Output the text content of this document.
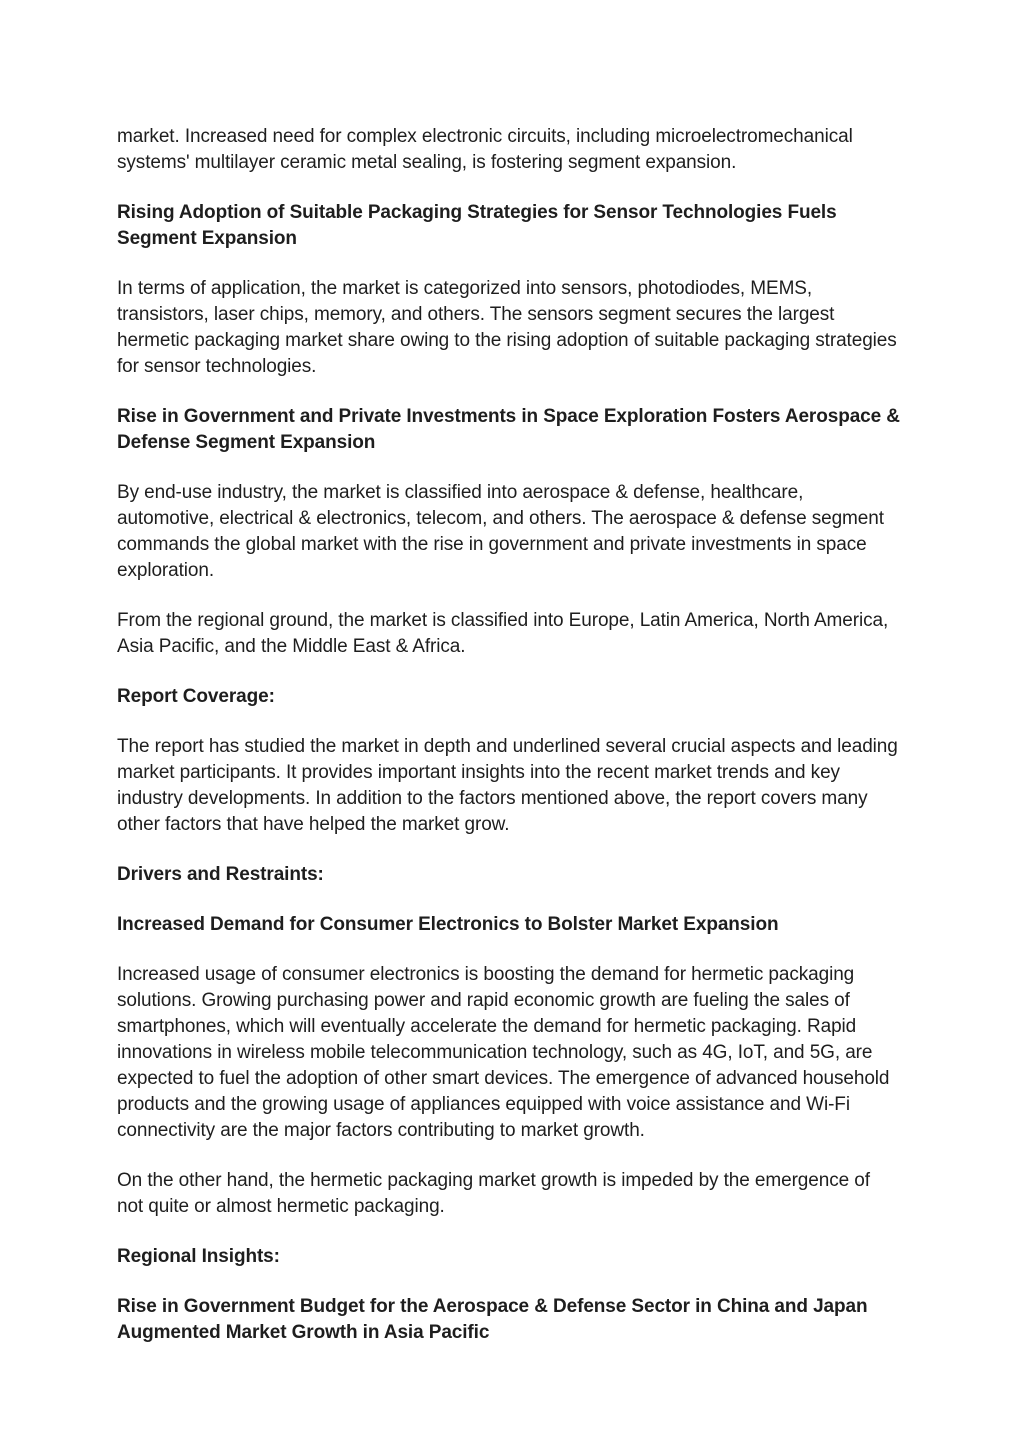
market. Increased need for complex electronic circuits, including microelectromechanical systems' multilayer ceramic metal sealing, is fostering segment expansion.
Rising Adoption of Suitable Packaging Strategies for Sensor Technologies Fuels Segment Expansion
In terms of application, the market is categorized into sensors, photodiodes, MEMS, transistors, laser chips, memory, and others. The sensors segment secures the largest hermetic packaging market share owing to the rising adoption of suitable packaging strategies for sensor technologies.
Rise in Government and Private Investments in Space Exploration Fosters Aerospace & Defense Segment Expansion
By end-use industry, the market is classified into aerospace & defense, healthcare, automotive, electrical & electronics, telecom, and others. The aerospace & defense segment commands the global market with the rise in government and private investments in space exploration.
From the regional ground, the market is classified into Europe, Latin America, North America, Asia Pacific, and the Middle East & Africa.
Report Coverage:
The report has studied the market in depth and underlined several crucial aspects and leading market participants. It provides important insights into the recent market trends and key industry developments. In addition to the factors mentioned above, the report covers many other factors that have helped the market grow.
Drivers and Restraints:
Increased Demand for Consumer Electronics to Bolster Market Expansion
Increased usage of consumer electronics is boosting the demand for hermetic packaging solutions. Growing purchasing power and rapid economic growth are fueling the sales of smartphones, which will eventually accelerate the demand for hermetic packaging. Rapid innovations in wireless mobile telecommunication technology, such as 4G, IoT, and 5G, are expected to fuel the adoption of other smart devices. The emergence of advanced household products and the growing usage of appliances equipped with voice assistance and Wi-Fi connectivity are the major factors contributing to market growth.
On the other hand, the hermetic packaging market growth is impeded by the emergence of not quite or almost hermetic packaging.
Regional Insights:
Rise in Government Budget for the Aerospace & Defense Sector in China and Japan Augmented Market Growth in Asia Pacific
